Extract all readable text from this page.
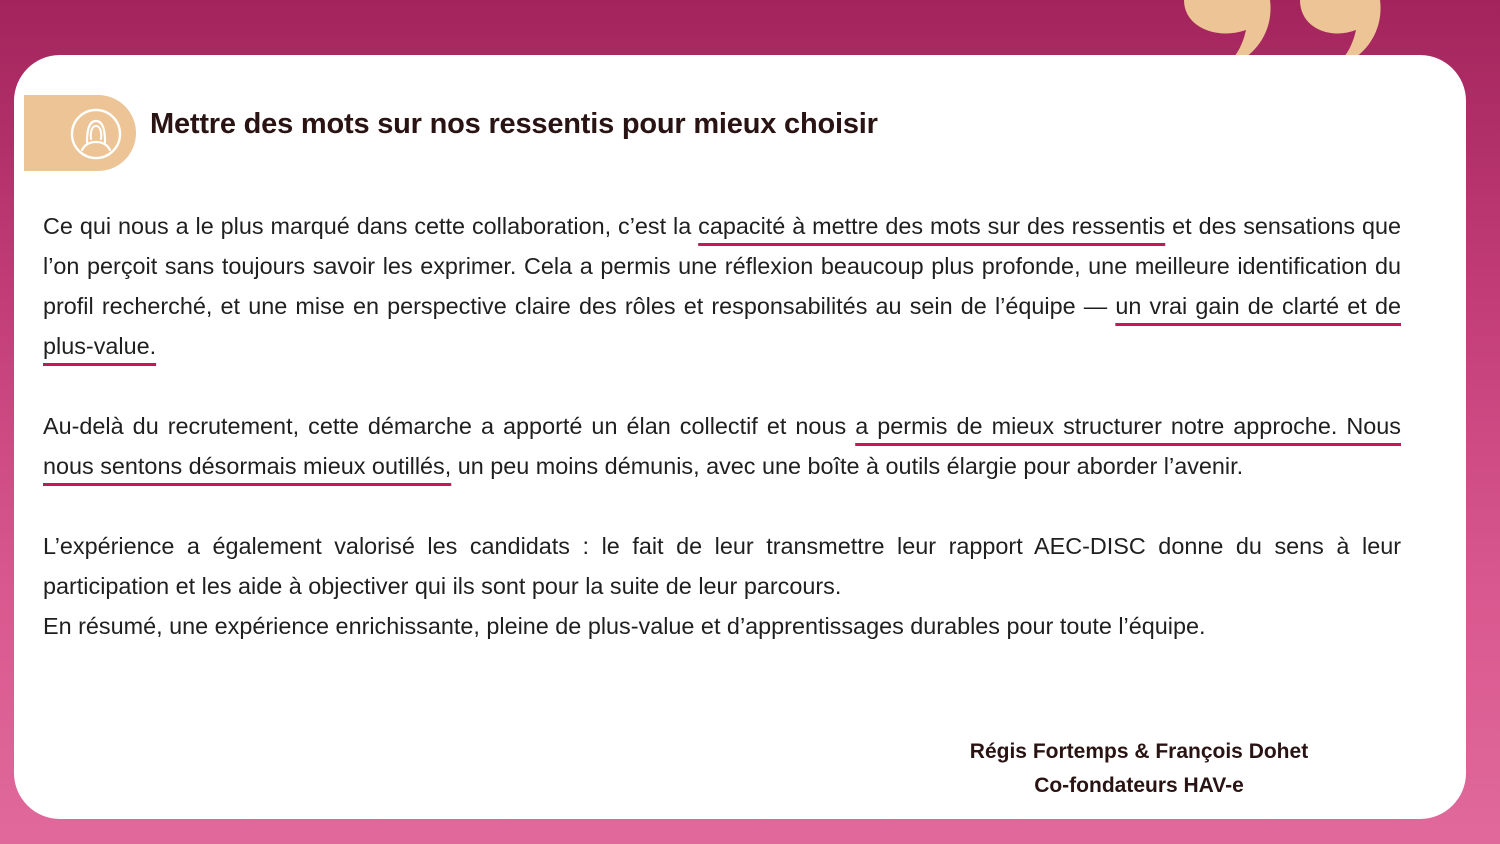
Mettre des mots sur nos ressentis pour mieux choisir

Ce qui nous a le plus marqué dans cette collaboration, c’est la capacité à mettre des mots sur des ressentis et des sensations que l’on perçoit sans toujours savoir les exprimer. Cela a permis une réflexion beaucoup plus profonde, une meilleure identification du profil recherché, et une mise en perspective claire des rôles et responsabilités au sein de l’équipe — un vrai gain de clarté et de plus-value.

Au-delà du recrutement, cette démarche a apporté un élan collectif et nous a permis de mieux structurer notre approche. Nous nous sentons désormais mieux outillés, un peu moins démunis, avec une boîte à outils élargie pour aborder l’avenir.

L’expérience a également valorisé les candidats : le fait de leur transmettre leur rapport AEC-DISC donne du sens à leur participation et les aide à objectiver qui ils sont pour la suite de leur parcours.

En résumé, une expérience enrichissante, pleine de plus-value et d’apprentissages durables pour toute l’équipe.

Régis Fortemps & François Dohet
Co-fondateurs HAV-e
